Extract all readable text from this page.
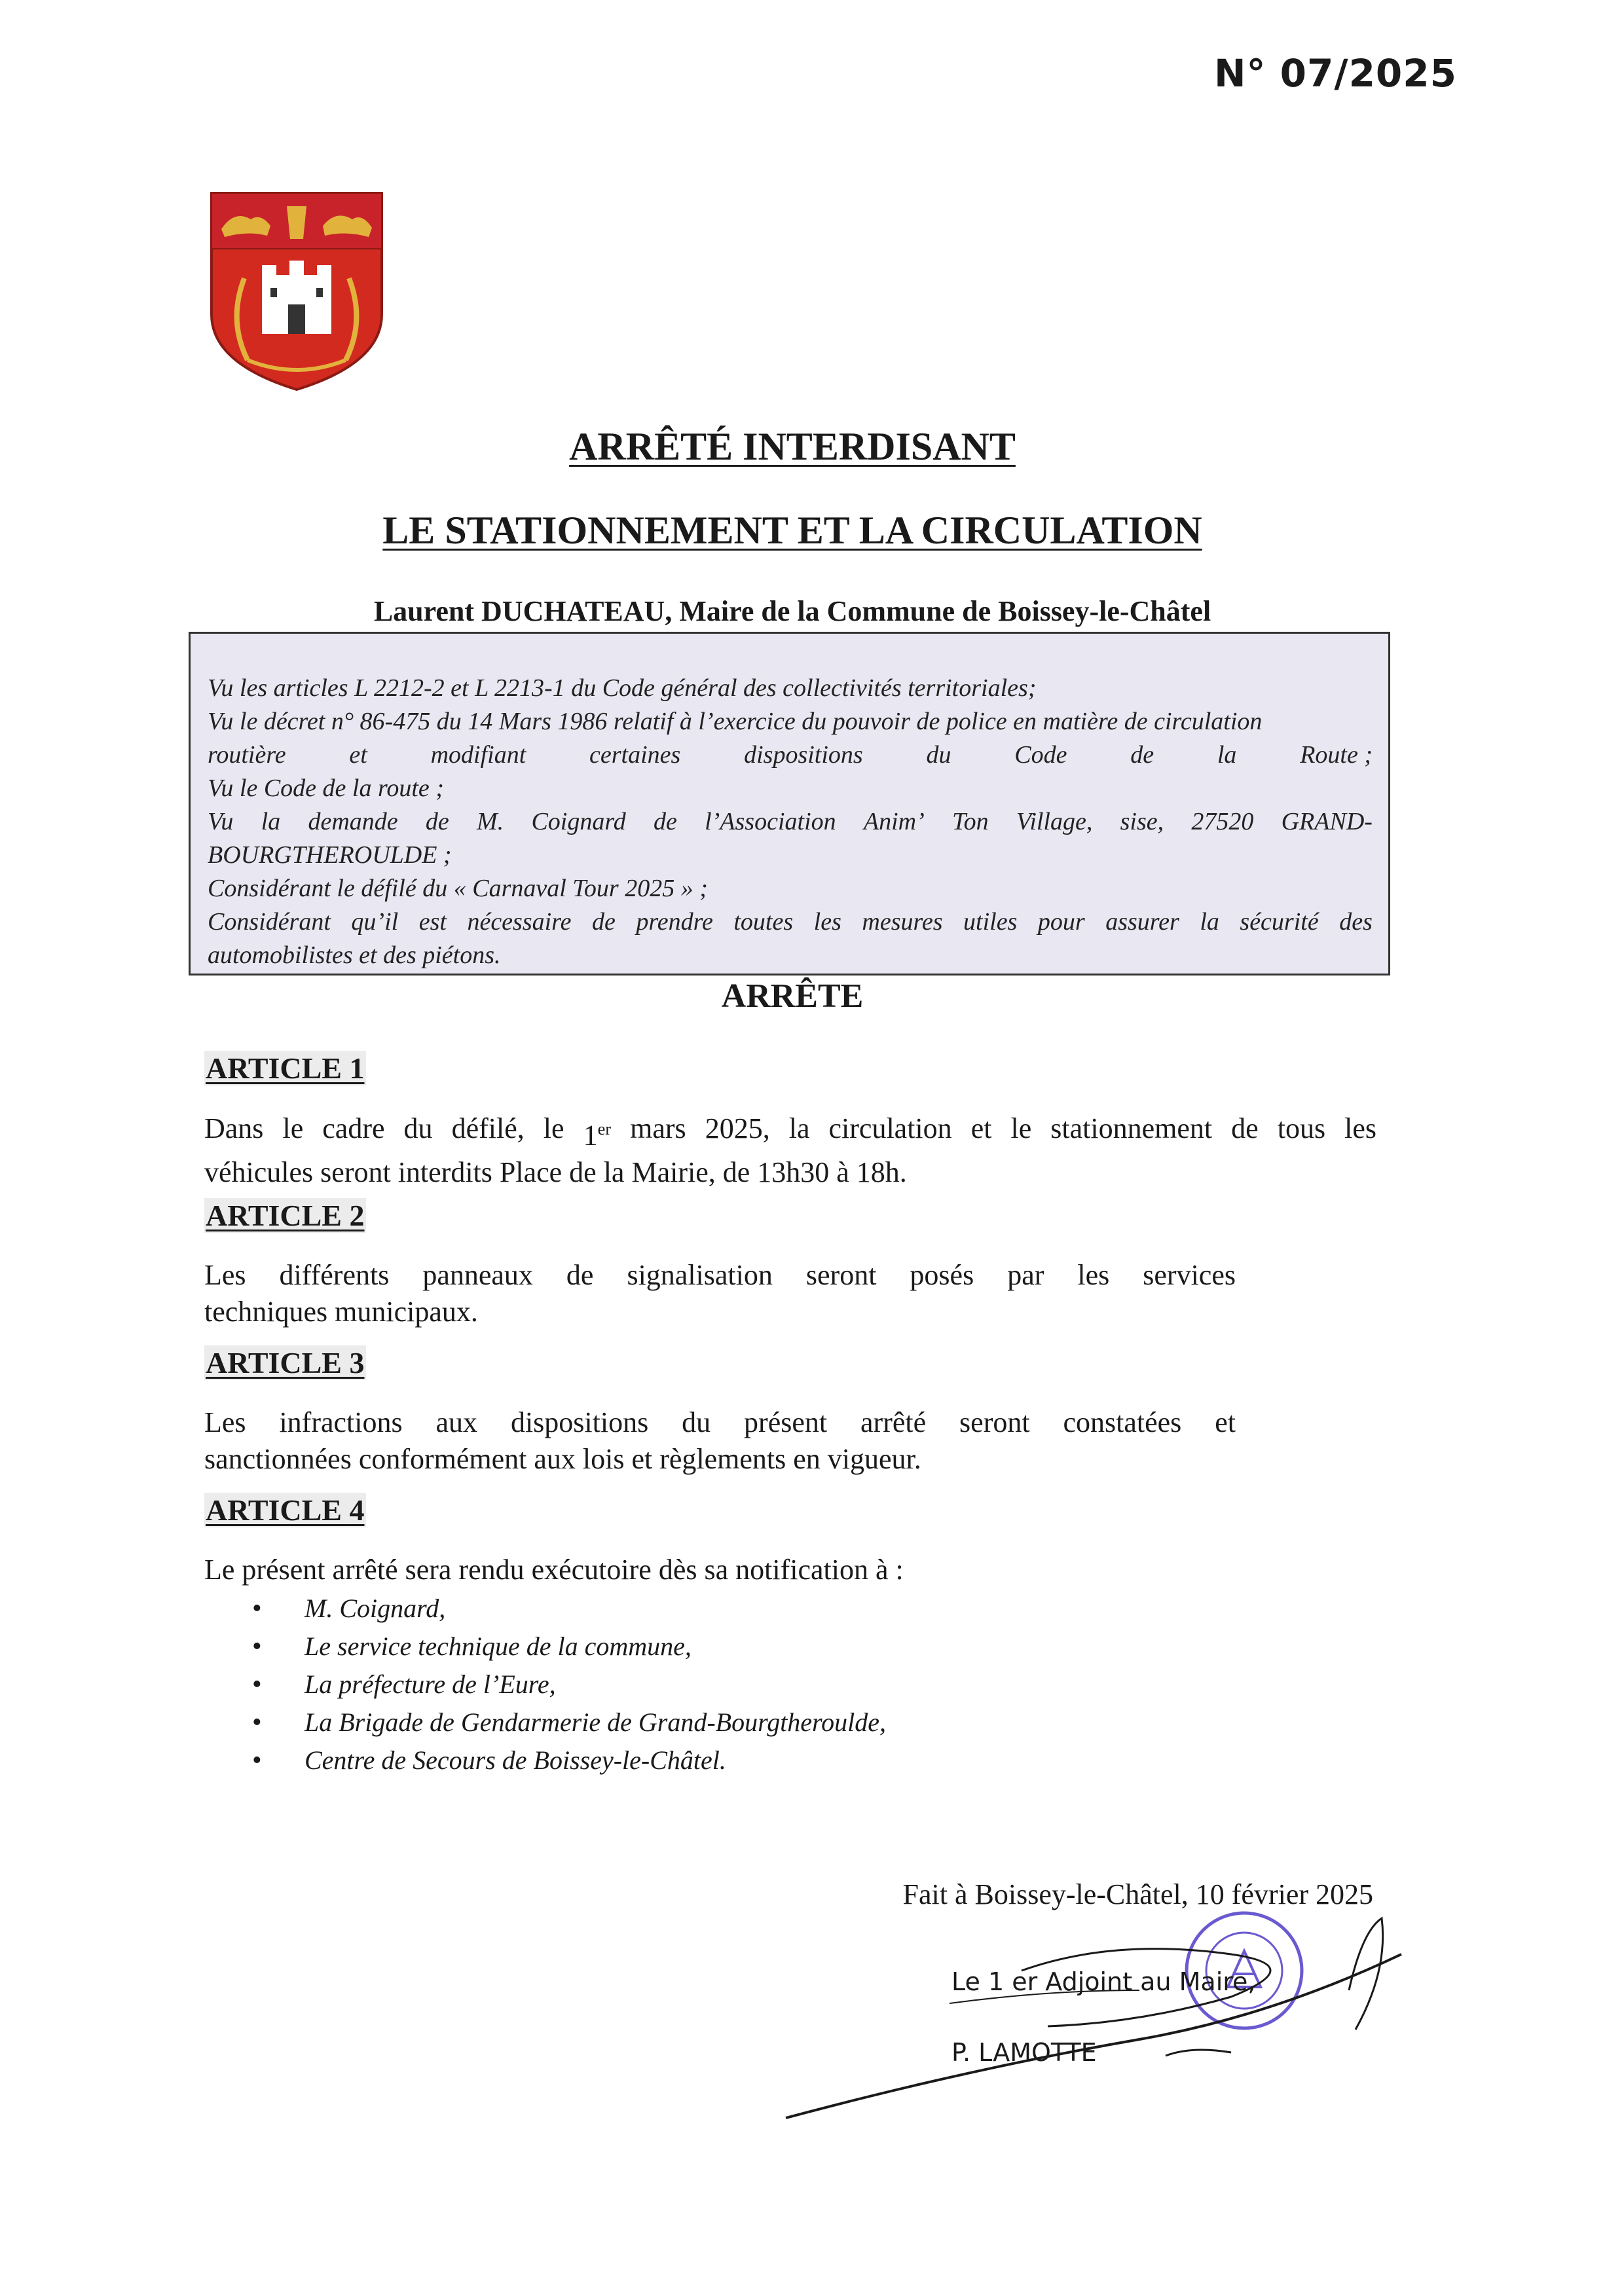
N° 07/2025
ARRÊTÉ INTERDISANT
LE STATIONNEMENT ET LA CIRCULATION
Laurent DUCHATEAU, Maire de la Commune de Boissey-le-Châtel
Vu les articles L 2212-2 et L 2213-1 du Code général des collectivités territoriales;
Vu le décret n° 86-475 du 14 Mars 1986 relatif à l’exercice du pouvoir de police en matière de circulation
routière	et	modifiant	certaines	dispositions	du	Code	de	la	Route ;
Vu le Code de la route ;
Vu la demande de M. Coignard de l’Association Anim’ Ton Village, sise, 27520 GRAND-
BOURGTHEROULDE ;
Considérant le défilé du « Carnaval Tour 2025 » ;
Considérant qu’il est nécessaire de prendre toutes les mesures utiles pour assurer la sécurité des
automobilistes et des piétons.
ARRÊTE
ARTICLE 1
Dans le cadre du défilé, le 1er mars 2025, la circulation et le stationnement de tous les
véhicules seront interdits Place de la Mairie, de 13h30 à 18h.
ARTICLE 2
Les différents panneaux de signalisation seront posés par les services
techniques municipaux.
ARTICLE 3
Les infractions aux dispositions du présent arrêté seront constatées et
sanctionnées conformément aux lois et règlements en vigueur.
ARTICLE 4
Le présent arrêté sera rendu exécutoire dès sa notification à :
• M. Coignard,
• Le service technique de la commune,
• La préfecture de l’Eure,
• La Brigade de Gendarmerie de Grand-Bourgtheroulde,
• Centre de Secours de Boissey-le-Châtel.
Fait à Boissey-le-Châtel, 10 février 2025
Le 1 er Adjoint au Maire,
P. LAMOTTE
